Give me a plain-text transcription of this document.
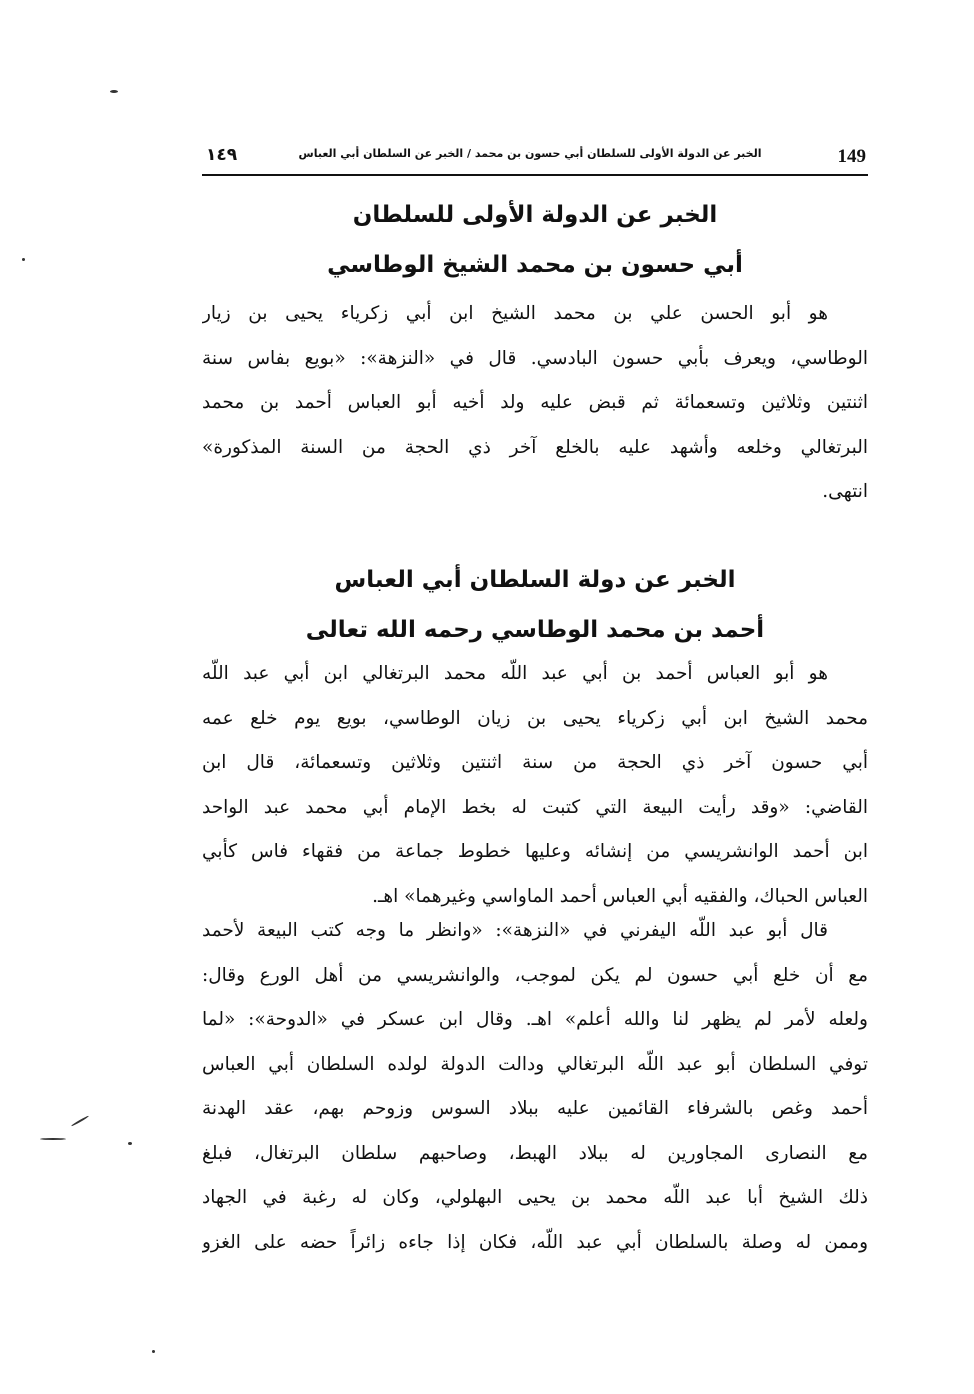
149
الخبر عن الدولة الأولى للسلطان أبي حسون بن محمد / الخبر عن السلطان أبي العباس
١٤٩
الخبر عن الدولة الأولى للسلطان
أبي حسون بن محمد الشيخ الوطاسي
هو أبو الحسن علي بن محمد الشيخ ابن أبي زكرياء يحيى بن زيار
الوطاسي، ويعرف بأبي حسون البادسي. قال في «النزهة»: «بويع بفاس سنة
اثنتين وثلاثين وتسعمائة ثم قبض عليه ولد أخيه أبو العباس أحمد بن محمد
البرتغالي وخلعه وأشهد عليه بالخلع آخر ذي الحجة من السنة المذكورة»
انتهى.
الخبر عن دولة السلطان أبي العباس
أحمد بن محمد الوطاسي رحمه الله تعالى
هو أبو العباس أحمد بن أبي عبد اللّه محمد البرتغالي ابن أبي عبد اللّه
محمد الشيخ ابن أبي زكرياء يحيى بن زيان الوطاسي، بويع يوم خلع عمه
أبي حسون آخر ذي الحجة من سنة اثنتين وثلاثين وتسعمائة، قال ابن
القاضي: «وقد رأيت البيعة التي كتبت له بخط الإمام أبي محمد عبد الواحد
ابن أحمد الوانشريسي من إنشائه وعليها خطوط جماعة من فقهاء فاس كأبي
العباس الحباك، والفقيه أبي العباس أحمد الماواسي وغيرهما» اهـ.
قال أبو عبد اللّه اليفرني في «النزهة»: «وانظر ما وجه كتب البيعة لأحمد
مع أن خلع أبي حسون لم يكن لموجب، والوانشريسي من أهل الورع وقال:
ولعله لأمر لم يظهر لنا والله أعلم» اهـ. وقال ابن عسكر في «الدوحة»: «لما
توفي السلطان أبو عبد اللّه البرتغالي ودالت الدولة لولده السلطان أبي العباس
أحمد وغص بالشرفاء القائمين عليه ببلاد السوس وزوحم بهم، عقد الهدنة
مع النصارى المجاورين له ببلاد الهبط، وصاحبهم سلطان البرتغال، فبلغ
ذلك الشيخ أبا عبد اللّه محمد بن يحيى البهلولي، وكان له رغبة في الجهاد
وممن له وصلة بالسلطان أبي عبد اللّه، فكان إذا جاءه زائراً حضه على الغزو
